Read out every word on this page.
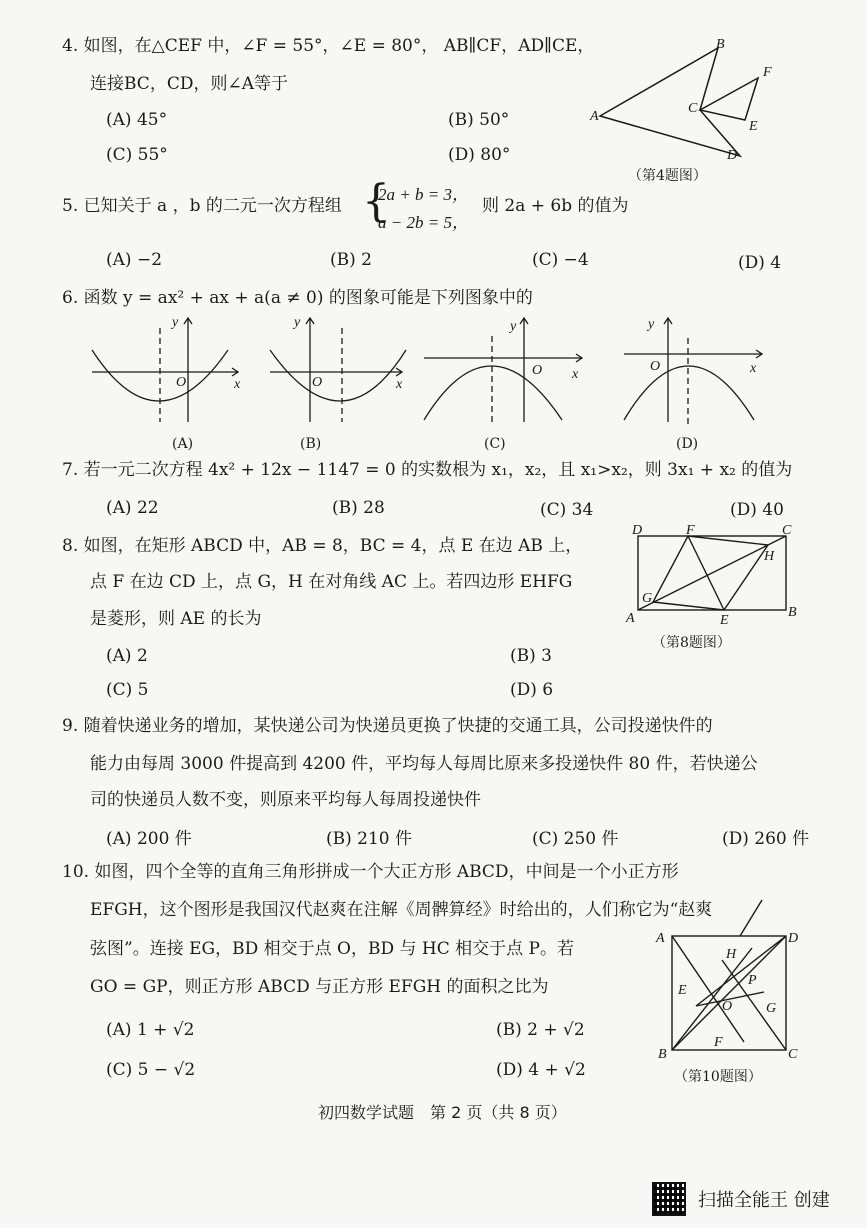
4. 如图，在△CEF 中，∠F = 55°，∠E = 80°， AB∥CF，AD∥CE，
连接BC，CD，则∠A等于
(A) 45°	(B) 50°
(C) 55°	(D) 80°
A
B
C
D
E
F
（第4题图）
5. 已知关于 a ，b 的二元一次方程组 {
2a + b = 3，
a − 2b = 5，
则 2a + 6b 的值为
(A) −2	(B) 2	(C) −4	(D) 4
6. 函数 y = ax² + ax + a(a ≠ 0) 的图象可能是下列图象中的
y
O	x
(A)
y
O	x
(B)
y
O x
(C)
y
O	x
(D)
7. 若一元二次方程 4x² + 12x − 1147 = 0 的实数根为 x₁，x₂，且 x₁>x₂，则 3x₁ + x₂ 的值为
(A) 22	(B) 28	(C) 34	(D) 40
8. 如图，在矩形 ABCD 中，AB = 8，BC = 4，点 E 在边 AB 上，
点 F 在边 CD 上，点 G，H 在对角线 AC 上。若四边形 EHFG
是菱形，则 AE 的长为
(A) 2	(B) 3
(C) 5	(D) 6
D	F	C
H
G
A	E
B
（第8题图）
9. 随着快递业务的增加，某快递公司为快递员更换了快捷的交通工具，公司投递快件的
能力由每周 3000 件提高到 4200 件，平均每人每周比原来多投递快件 80 件，若快递公
司的快递员人数不变，则原来平均每人每周投递快件
(A) 200 件	(B) 210 件	(C) 250 件	(D) 260 件
10. 如图，四个全等的直角三角形拼成一个大正方形 ABCD，中间是一个小正方形
EFGH，这个图形是我国汉代赵爽在注解《周髀算经》时给出的，人们称它为“赵爽
弦图”。连接 EG，BD 相交于点 O，BD 与 HC 相交于点 P。若
GO = GP，则正方形 ABCD 与正方形 EFGH 的面积之比为
(A) 1 + √2	(B) 2 + √2
(C) 5 − √2	(D) 4 + √2
A	D
H
P
E
O G
F
B	C
（第10题图）
初四数学试题　第 2 页（共 8 页）
扫描全能王 创建
